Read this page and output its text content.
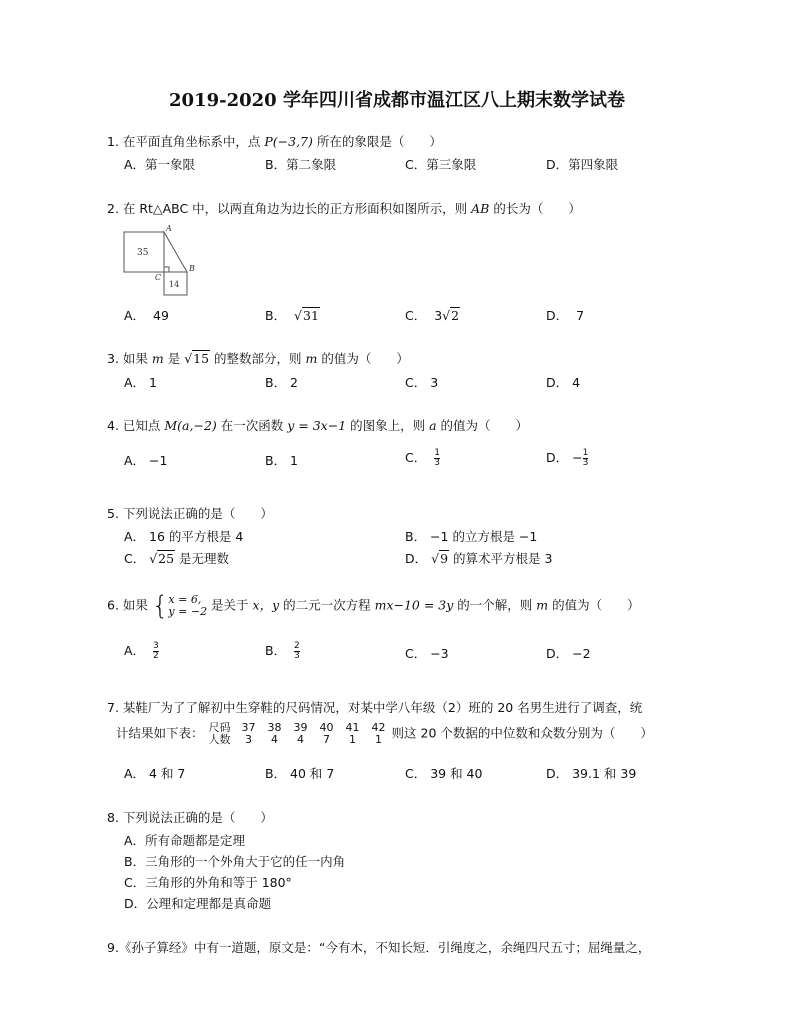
2019-2020 学年四川省成都市温江区八上期末数学试卷
1. 在平面直角坐标系中，点 P(−3,7) 所在的象限是（　　）
A．第一象限	B．第二象限	C．第三象限	D．第四象限
2. 在 Rt△ABC 中，以两直角边为边长的正方形面积如图所示，则 AB 的长为（　　）
A
C
B
35
14
A． 49	B． √31	C． 3√2	D． 7
3. 如果 m 是 √15 的整数部分，则 m 的值为（　　）
A． 1	B． 2	C． 3	D． 4
4. 已知点 M(a,−2) 在一次函数 y = 3x−1 的图象上，则 a 的值为（　　）
A． −1	B． 1	C． $\frac{1}{3}$	D． − $\frac{1}{3}$
5. 下列说法正确的是（　　）
A． 16 的平方根是 4	B． −1 的立方根是 −1
C． √25 是无理数	D． √9 的算术平方根是 3
6. 如果 { x = 6,
y = −2 是关于 x，y 的二元一次方程 mx−10 = 3y 的一个解，则 m 的值为（　　）
A． $\frac{3}{2}$	B． $\frac{2}{3}$	C． −3	D． −2
7. 某鞋厂为了了解初中生穿鞋的尺码情况，对某中学八年级（2）班的 20 名男生进行了调查，统
计结果如下表： 尺码 37 38 39 40 41 42
人数 3 4 4 7 1 1 则这 20 个数据的中位数和众数分别为（　　）
A． 4 和 7	B． 40 和 7	C． 39 和 40	D． 39.1 和 39
8. 下列说法正确的是（　　）
A．所有命题都是定理
B．三角形的一个外角大于它的任一内角
C．三角形的外角和等于 180°
D．公理和定理都是真命题
9.《孙子算经》中有一道题，原文是：“今有木，不知长短．引绳度之，余绳四尺五寸；屈绳量之，
